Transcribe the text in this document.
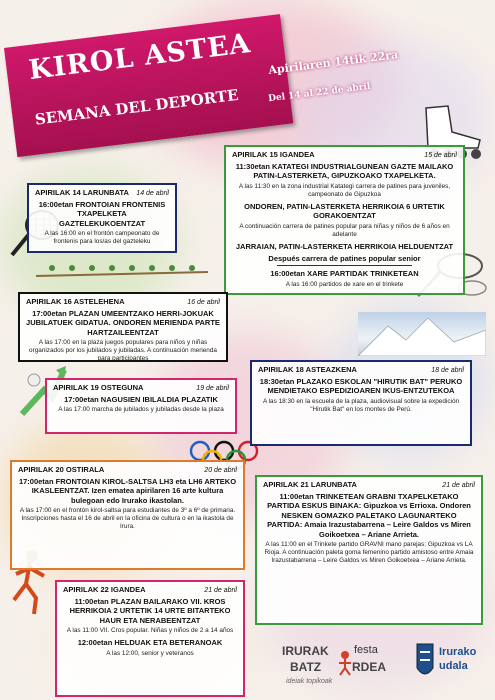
KIROL ASTEA
SEMANA DEL DEPORTE
Apirilaren 14tik 22ra
Del 14 al 22 de abril
APIRILAK 15 IGANDEA	15 de abril
11:30etan KATATEGI INDUSTRIALGUNEAN GAZTE MAILAKO PATIN-LASTERKETA, GIPUZKOAKO TXAPELKETA.
A las 11:30 en la zona industrial Katategi carrera de patines para juveniles, campeonato de Gipuzkoa
ONDOREN, PATIN-LASTERKETA HERRIKOIA 6 URTETIK GORAKOENTZAT
A continuación carrera de patines popular para niñas y niños de 6 años en adelante
JARRAIAN, PATIN-LASTERKETA HERRIKOIA HELDUENTZAT
Después carrera de patines popular senior
16:00etan XARE PARTIDAK TRINKETEAN
A las 16:00 partidos de xare en el trinkete
APIRILAK 14 LARUNBATA 14 de abril
16:00etan FRONTOIAN FRONTENIS TXAPELKETA GAZTELEKUKOENTZAT
A las 16:00 en el frontón campeonato de frontenis para los/as del gazteleku
APIRILAK 16 ASTELEHENA	16 de abril
17:00etan PLAZAN UMEENTZAKO HERRI-JOKUAK JUBILATUEK GIDATUA. ONDOREN MERIENDA PARTE HARTZAILEENTZAT
A las 17:00 en la plaza juegos populares para niños y niñas organizados por los jubilados y jubiladas. A continuación merienda para participantes
APIRILAK 19 OSTEGUNA	19 de abril
17:00etan NAGUSIEN IBILALDIA PLAZATIK
A las 17:00 marcha de jubilados y jubiladas desde la plaza
APIRILAK 18 ASTEAZKENA	18 de abril
18:30etan PLAZAKO ESKOLAN "HIRUTIK BAT" PERUKO MENDIETAKO ESPEDIZIOAREN IKUS-ENTZUTEKOA
A las 18:30 en la escuela de la plaza, audiovisual sobre la expedición "Hirutik Bat" en los montes de Perú.
APIRILAK 20 OSTIRALA	20 de abril
17:00etan FRONTOIAN KIROL-SALTSA LH3 eta LH6 ARTEKO IKASLEENTZAT. Izen ematea apirilaren 16 arte kultura bulegoan edo Irurako ikastolan.
A las 17:00 en el frontón kirol-saltsa para estudiantes de 3º a 6º de primaria. Inscripciones hasta el 16 de abril en la oficina de cultura o en la ikastola de Irura.
APIRILAK 21 LARUNBATA	21 de abril
11:00etan TRINKETEAN GRABNI TXAPELKETAKO PARTIDA ESKUS BINAKA: Gipuzkoa vs Errioxa. Ondoren NESKEN GOMAZKO PALETAKO LAGUNARTEKO PARTIDA: Amaia Irazustabarrena – Leire Galdos vs Miren Goikoetxea – Ariane Arrieta.
A las 11:00 en el Trinkete partido GRAVNI mano parejas: Gipuzkoa vs LA Rioja. A continuación paleta goma femenino partido amistoso entre Amaia Irazustabarrena – Leire Galdos vs Miren Goikoetxea – Ariane Arrieta.
APIRILAK 22 IGANDEA	21 de abril
11:00etan PLAZAN BAILARAKO VII. KROS HERRIKOIA 2 URTETIK 14 URTE BITARTEKO HAUR ETA NERABEENTZAT
A las 11:00 VII. Cros popular. Niñas y niños de 2 a 14 años
12:00etan HELDUAK ETA BETERANOAK
A las 12:00, senior y veteranos	IRURAK
BATZ
festa
RDEA
ideiak topikoak
Irurako
udala
